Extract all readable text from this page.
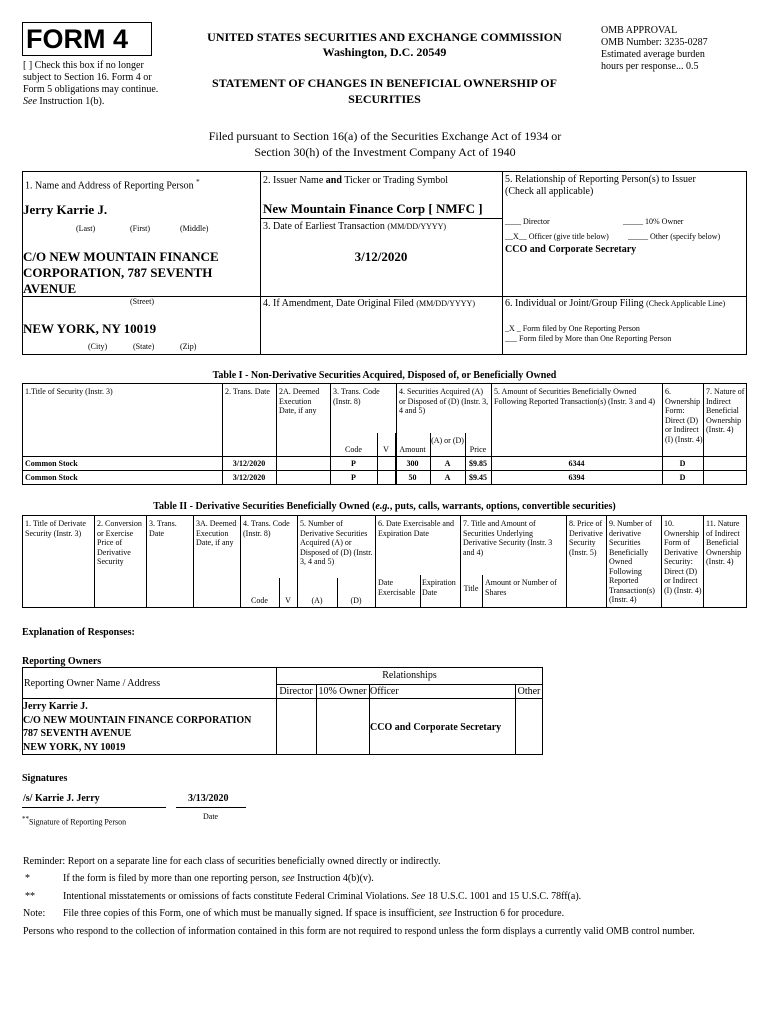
FORM 4
[ ] Check this box if no longer subject to Section 16. Form 4 or Form 5 obligations may continue. See Instruction 1(b).
UNITED STATES SECURITIES AND EXCHANGE COMMISSION
Washington, D.C. 20549
STATEMENT OF CHANGES IN BENEFICIAL OWNERSHIP OF
SECURITIES
OMB APPROVAL
OMB Number: 3235-0287
Estimated average burden
hours per response... 0.5
Filed pursuant to Section 16(a) of the Securities Exchange Act of 1934 or
Section 30(h) of the Investment Company Act of 1940
1. Name and Address of Reporting Person *
Jerry Karrie J.
(Last)	(First)	(Middle)
C/O NEW MOUNTAIN FINANCE CORPORATION, 787 SEVENTH AVENUE
(Street)
NEW YORK, NY 10019
(City)	(State)	(Zip)
2. Issuer Name and Ticker or Trading Symbol
New Mountain Finance Corp [ NMFC ]
3. Date of Earliest Transaction (MM/DD/YYYY)
3/12/2020
4. If Amendment, Date Original Filed (MM/DD/YYYY)
5. Relationship of Reporting Person(s) to Issuer
(Check all applicable)
____ Director	_____ 10% Owner
__X__ Officer (give title below) _____ Other (specify below)
CCO and Corporate Secretary
6. Individual or Joint/Group Filing (Check Applicable Line)
_X _ Form filed by One Reporting Person
___ Form filed by More than One Reporting Person
Table I - Non-Derivative Securities Acquired, Disposed of, or Beneficially Owned
1.Title of Security (Instr. 3)	2. Trans. Date	2A. Deemed Execution Date, if any
3. Trans. Code (Instr. 8)
4. Securities Acquired (A) or Disposed of (D) (Instr. 3, 4 and 5)
5. Amount of Securities Beneficially Owned Following Reported Transaction(s) (Instr. 3 and 4)
6. Ownership Form: Direct (D) or Indirect (I) (Instr. 4)
7. Nature of Indirect Beneficial Ownership (Instr. 4)
Code	V	Amount
(A) or (D)
Price
Common Stock	3/12/2020	P	300	A	$9.85	6344	D
Common Stock	3/12/2020	P	50	A	$9.45	6394	D
Table II - Derivative Securities Beneficially Owned (e.g., puts, calls, warrants, options, convertible securities)
1. Title of Derivate Security (Instr. 3)
2. Conversion or Exercise Price of Derivative Security
3. Trans. Date
3A. Deemed Execution Date, if any
4. Trans. Code (Instr. 8)
5. Number of Derivative Securities Acquired (A) or Disposed of (D) (Instr. 3, 4 and 5)
6. Date Exercisable and Expiration Date
7. Title and Amount of Securities Underlying Derivative Security (Instr. 3 and 4)
8. Price of Derivative Security (Instr. 5)
9. Number of derivative Securities Beneficially Owned Following Reported Transaction(s) (Instr. 4)
10. Ownership Form of Derivative Security: Direct (D) or Indirect (I) (Instr. 4)
11. Nature of Indirect Beneficial Ownership (Instr. 4)
Code	V	(A)	(D)
Date Exercisable
Expiration Date	Title
Amount or Number of Shares
Explanation of Responses:
Reporting Owners
Reporting Owner Name / Address
Relationships
Director 10% Owner Officer	Other
Jerry Karrie J.
C/O NEW MOUNTAIN FINANCE CORPORATION
787 SEVENTH AVENUE
NEW YORK, NY 10019
CCO and Corporate Secretary
Signatures
/s/ Karrie J. Jerry	3/13/2020
**Signature of Reporting Person
Date
Reminder: Report on a separate line for each class of securities beneficially owned directly or indirectly.
*	If the form is filed by more than one reporting person, see Instruction 4(b)(v).
**	Intentional misstatements or omissions of facts constitute Federal Criminal Violations. See 18 U.S.C. 1001 and 15 U.S.C. 78ff(a).
Note: File three copies of this Form, one of which must be manually signed. If space is insufficient, see Instruction 6 for procedure.
Persons who respond to the collection of information contained in this form are not required to respond unless the form displays a currently valid OMB control number.
